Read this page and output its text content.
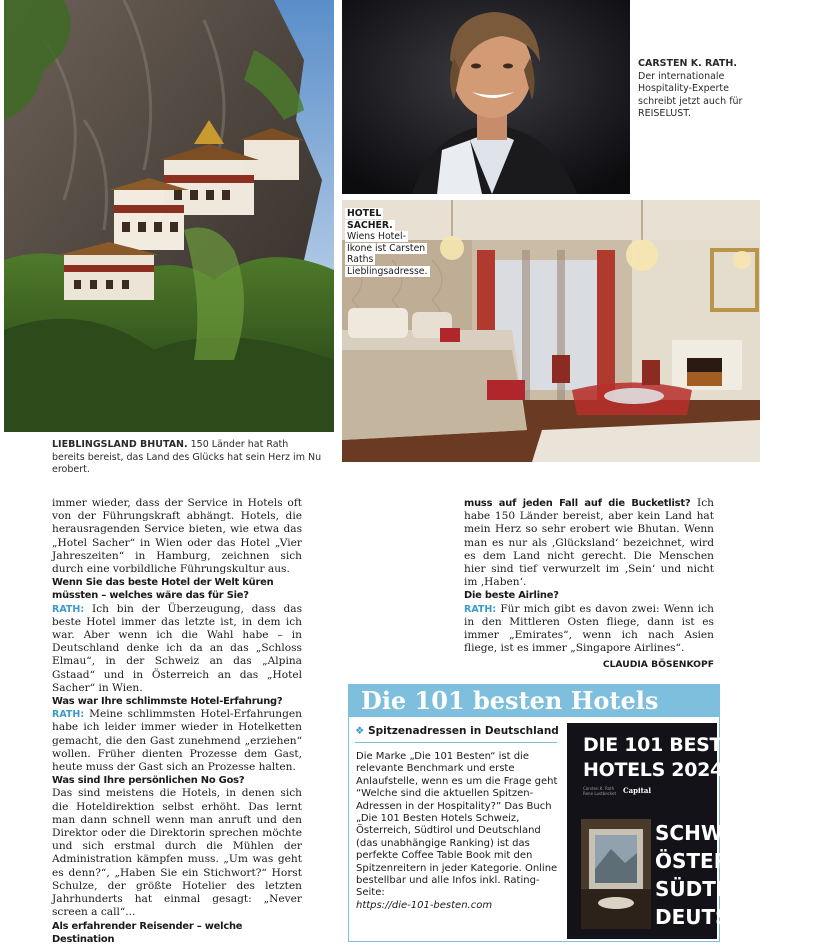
CARSTEN K. RATH.
Der internationale Hospitality-Experte schreibt jetzt auch für REISELUST.
HOTEL SACHER.
Wiens Hotel-Ikone ist Carsten Raths Lieblingsadresse.
LIEBLINGSLAND BHUTAN. 150 Länder hat Rath bereits bereist, das Land des Glücks hat sein Herz im Nu erobert.
immer wieder, dass der Service in Hotels oft von der Führungskraft abhängt. Hotels, die herausragenden Service bieten, wie etwa das „Hotel Sacher“ in Wien oder das Hotel „Vier Jahreszeiten“ in Hamburg, zeichnen sich durch eine vorbildliche Führungskultur aus.
Wenn Sie das beste Hotel der Welt küren müssten – welches wäre das für Sie?
RATH: Ich bin der Überzeugung, dass das beste Hotel immer das letzte ist, in dem ich war. Aber wenn ich die Wahl habe – in Deutschland denke ich da an das „Schloss Elmau“, in der Schweiz an das „Alpina Gstaad“ und in Österreich an das „Hotel Sacher“ in Wien.
Was war Ihre schlimmste Hotel-Erfahrung?
RATH: Meine schlimmsten Hotel-Erfahrungen habe ich leider immer wieder in Hotelketten gemacht, die den Gast zunehmend „erziehen“ wollen. Früher dienten Prozesse dem Gast, heute muss der Gast sich an Prozesse halten.
Was sind Ihre persönlichen No Gos?
Das sind meistens die Hotels, in denen sich die Hoteldirektion selbst erhöht. Das lernt man dann schnell wenn man anruft und den Direktor oder die Direktorin sprechen möchte und sich erstmal durch die Mühlen der Administration kämpfen muss. „Um was geht es denn?“, „Haben Sie ein Stichwort?“ Horst Schulze, der größte Hotelier des letzten Jahrhunderts hat einmal gesagt: „Never screen a call“...
Als erfahrender Reisender – welche Destination
muss auf jeden Fall auf die Bucketlist? Ich habe 150 Länder bereist, aber kein Land hat mein Herz so sehr erobert wie Bhutan. Wenn man es nur als ‚Glücksland‘ bezeichnet, wird es dem Land nicht gerecht. Die Menschen hier sind tief verwurzelt im ‚Sein‘ und nicht im ‚Haben‘.
Die beste Airline?
RATH: Für mich gibt es davon zwei: Wenn ich in den Mittleren Osten fliege, dann ist es immer „Emirates“, wenn ich nach Asien fliege, ist es immer „Singapore Airlines“.
CLAUDIA BÖSENKOPF
Die 101 besten Hotels
❖ Spitzenadressen in Deutschland
Die Marke „Die 101 Besten“ ist die relevante Benchmark und erste Anlaufstelle, wenn es um die Frage geht “Welche sind die aktuellen Spitzen-Adressen in der Hospitality?” Das Buch „Die 101 Besten Hotels Schweiz, Österreich, Südtirol und Deutschland (das unabhängige Ranking) ist das perfekte Coffee Table Book mit den Spitzenreitern in jeder Kategorie. Online bestellbar und alle Infos inkl. Rating-Seite:
https://die-101-besten.com
DIE 101 BESTEN
HOTELS 2024
Carsten K. Rath Rene Lustbecket Capital
SCHWEIZ
ÖSTERREICH
SÜDTIROL
DEUTSCHLAND
